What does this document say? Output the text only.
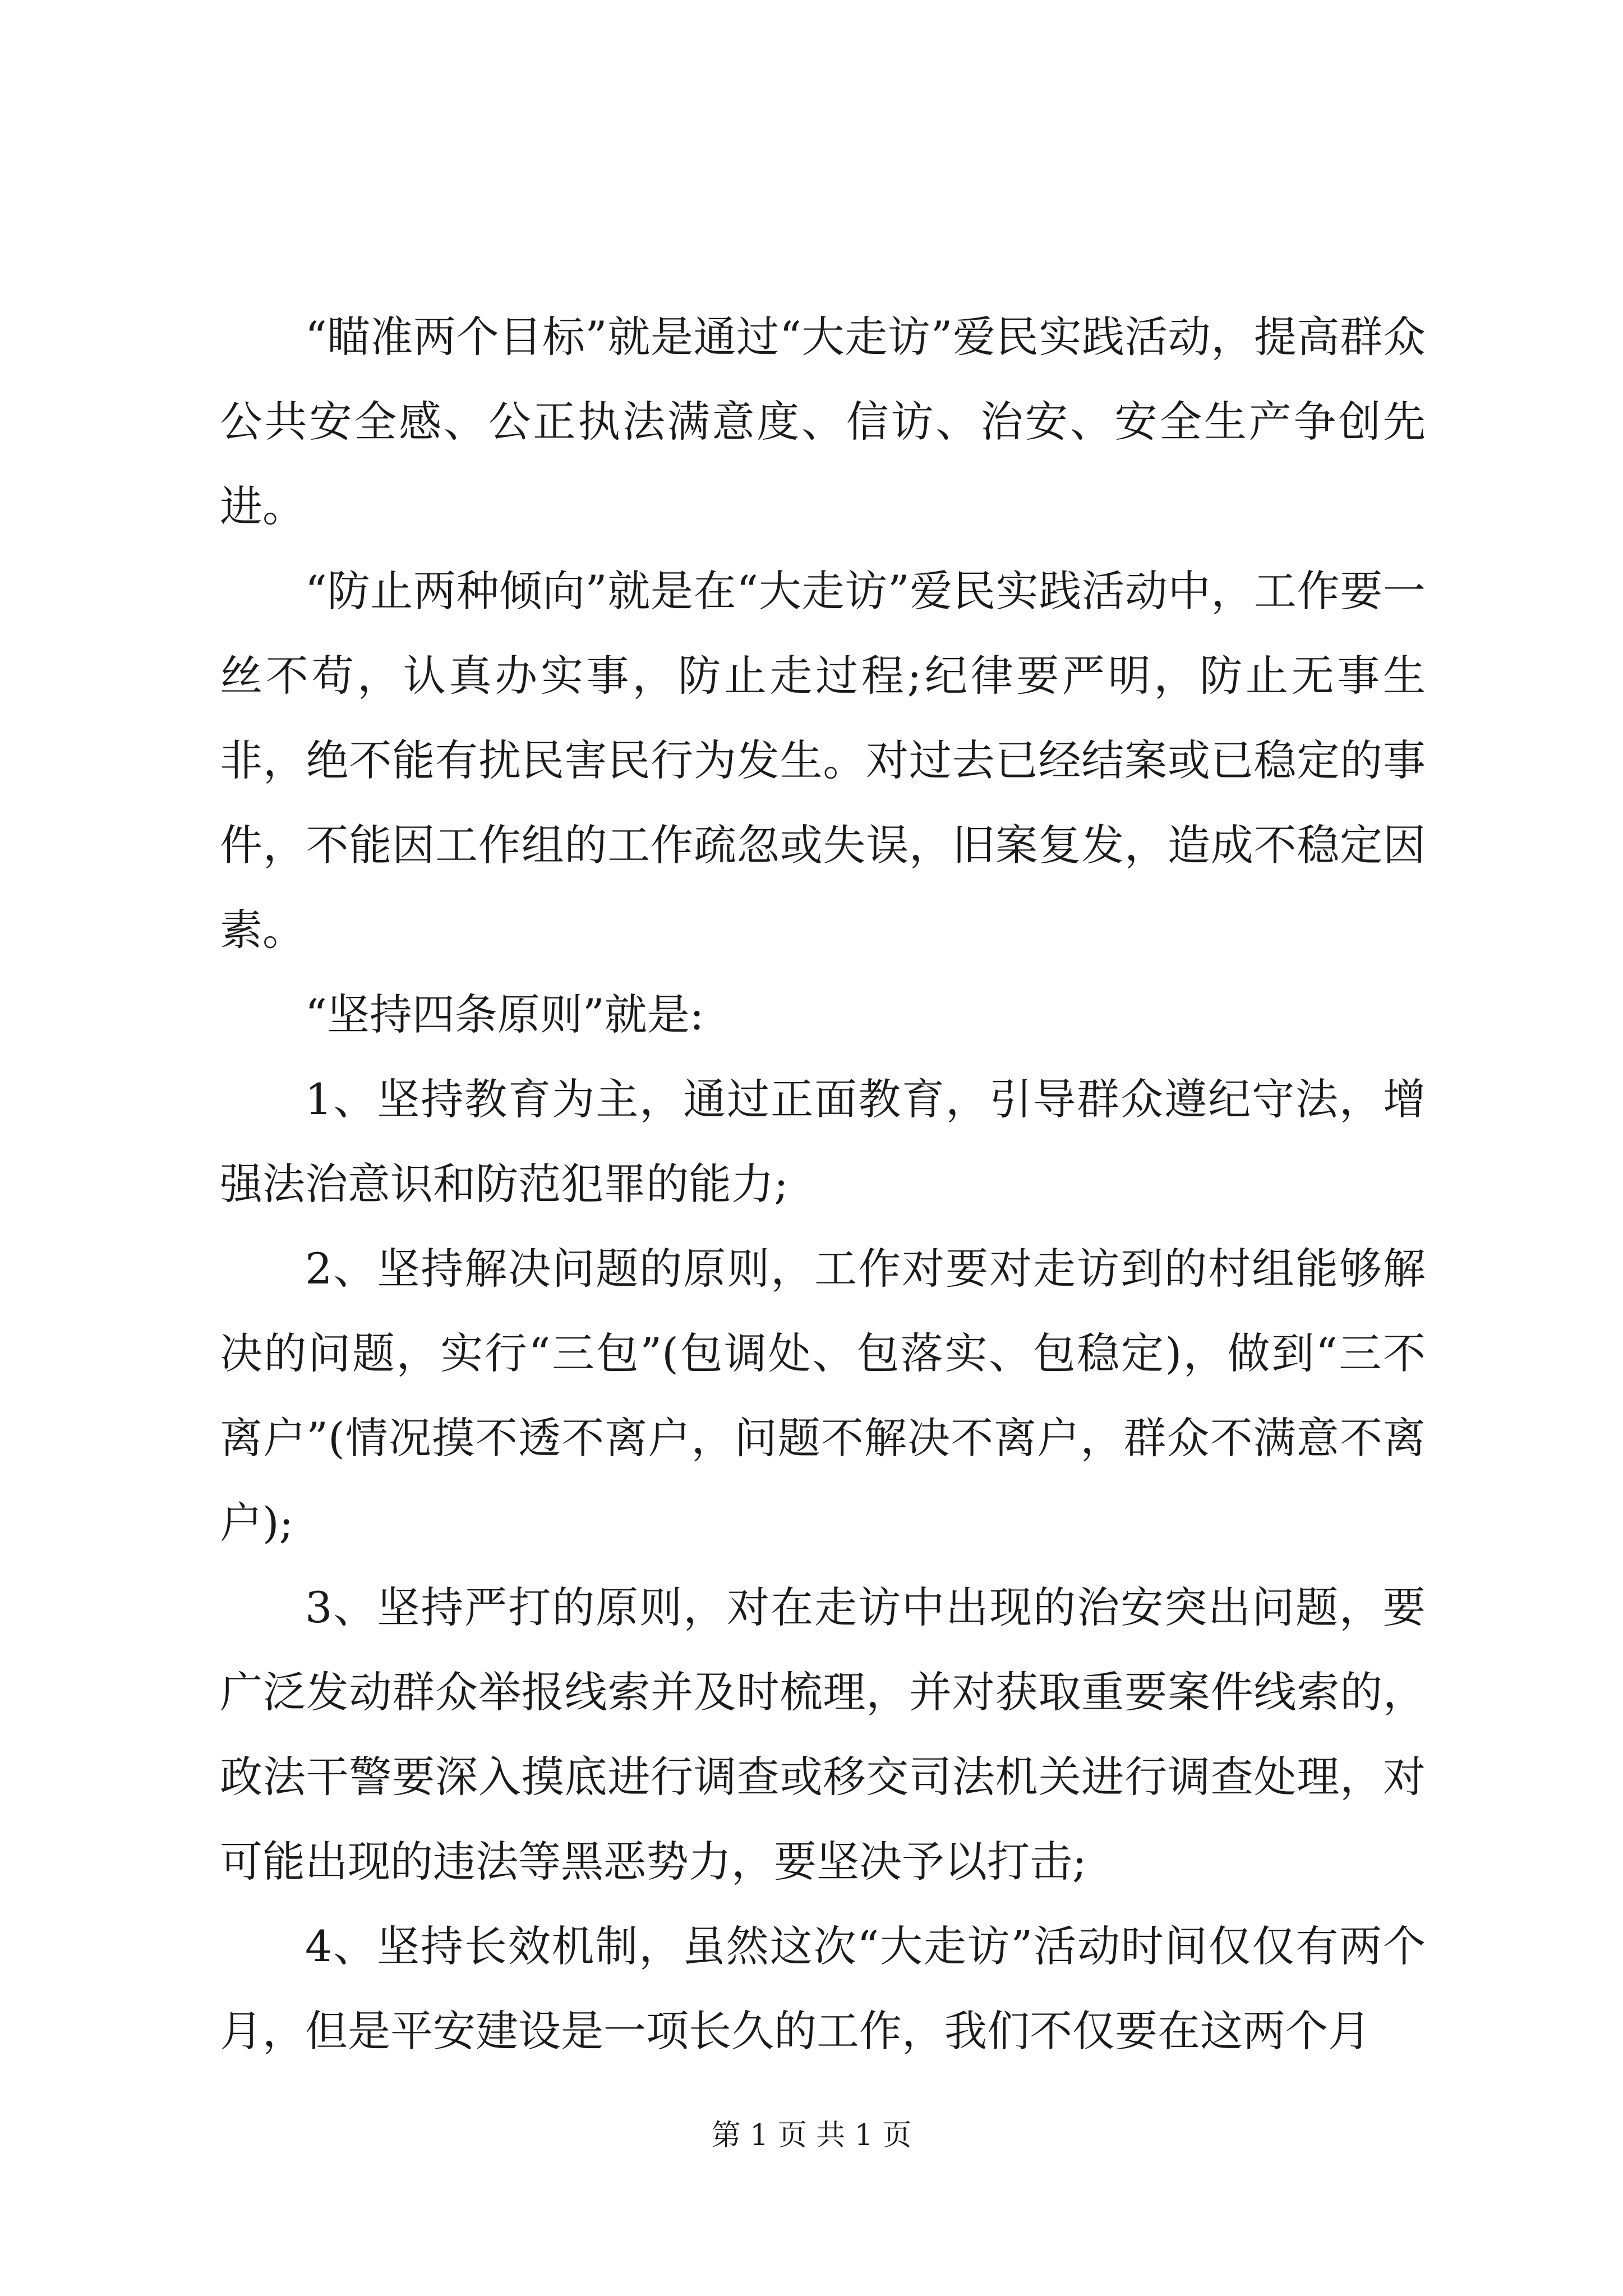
“瞄准两个目标”就是通过“大走访”爱民实践活动，提高群众公共安全感、公正执法满意度、信访、治安、安全生产争创先进。

“防止两种倾向”就是在“大走访”爱民实践活动中，工作要一丝不苟，认真办实事，防止走过程;纪律要严明，防止无事生非，绝不能有扰民害民行为发生。对过去已经结案或已稳定的事件，不能因工作组的工作疏忽或失误，旧案复发，造成不稳定因素。

“坚持四条原则”就是:

1、坚持教育为主，通过正面教育，引导群众遵纪守法，增强法治意识和防范犯罪的能力;

2、坚持解决问题的原则，工作对要对走访到的村组能够解决的问题，实行“三包”(包调处、包落实、包稳定)，做到“三不离户”(情况摸不透不离户，问题不解决不离户，群众不满意不离户);

3、坚持严打的原则，对在走访中出现的治安突出问题，要广泛发动群众举报线索并及时梳理，并对获取重要案件线索的，政法干警要深入摸底进行调查或移交司法机关进行调查处理，对可能出现的违法等黑恶势力，要坚决予以打击;

4、坚持长效机制，虽然这次“大走访”活动时间仅仅有两个月，但是平安建设是一项长久的工作，我们不仅要在这两个月

第 1 页 共 1 页
